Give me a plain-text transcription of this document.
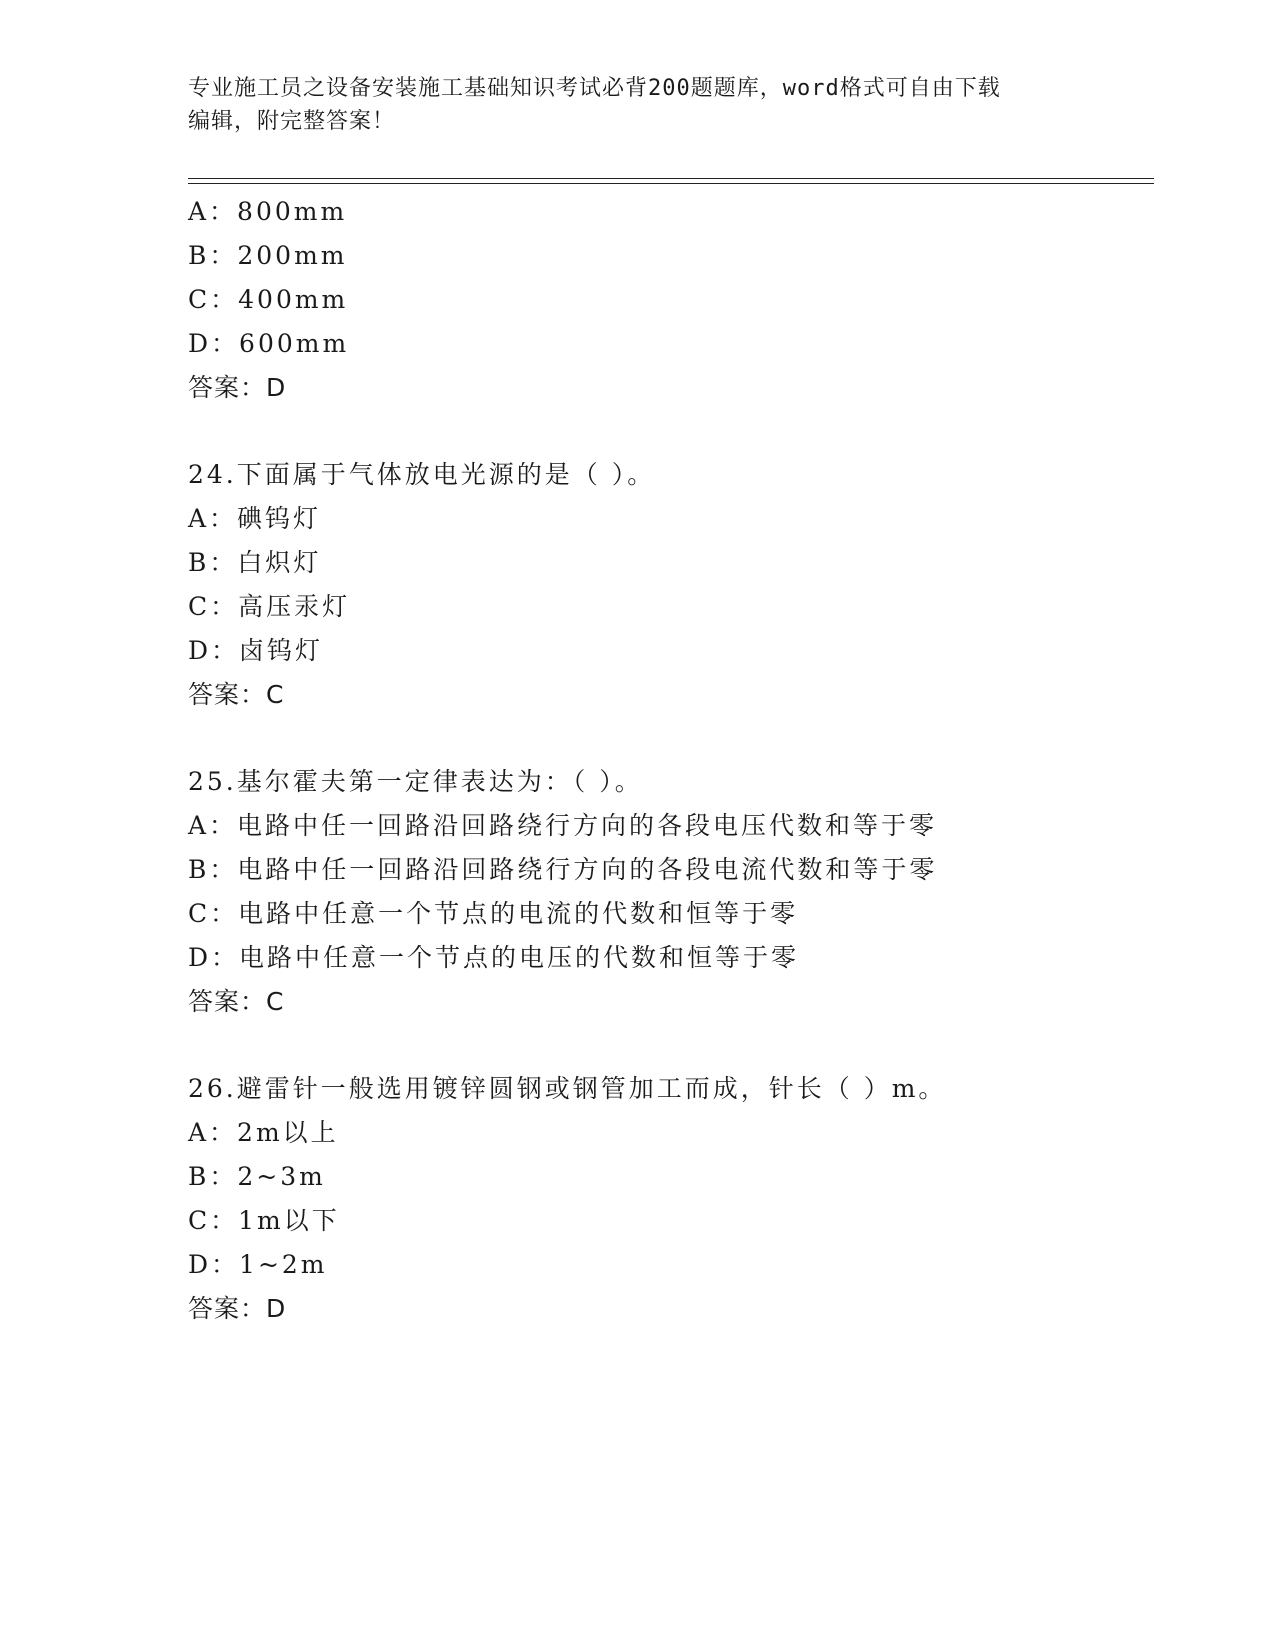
专业施工员之设备安装施工基础知识考试必背200题题库，word格式可自由下载
编辑，附完整答案！
A：800mm
B：200mm
C：400mm
D：600mm
答案：D
24.下面属于气体放电光源的是（ ）。
A：碘钨灯
B：白炽灯
C：高压汞灯
D：卤钨灯
答案：C
25.基尔霍夫第一定律表达为：（ ）。
A：电路中任一回路沿回路绕行方向的各段电压代数和等于零
B：电路中任一回路沿回路绕行方向的各段电流代数和等于零
C：电路中任意一个节点的电流的代数和恒等于零
D：电路中任意一个节点的电压的代数和恒等于零
答案：C
26.避雷针一般选用镀锌圆钢或钢管加工而成，针长（ ）m。
A：2m以上
B：2~3m
C：1m以下
D：1~2m
答案：D
